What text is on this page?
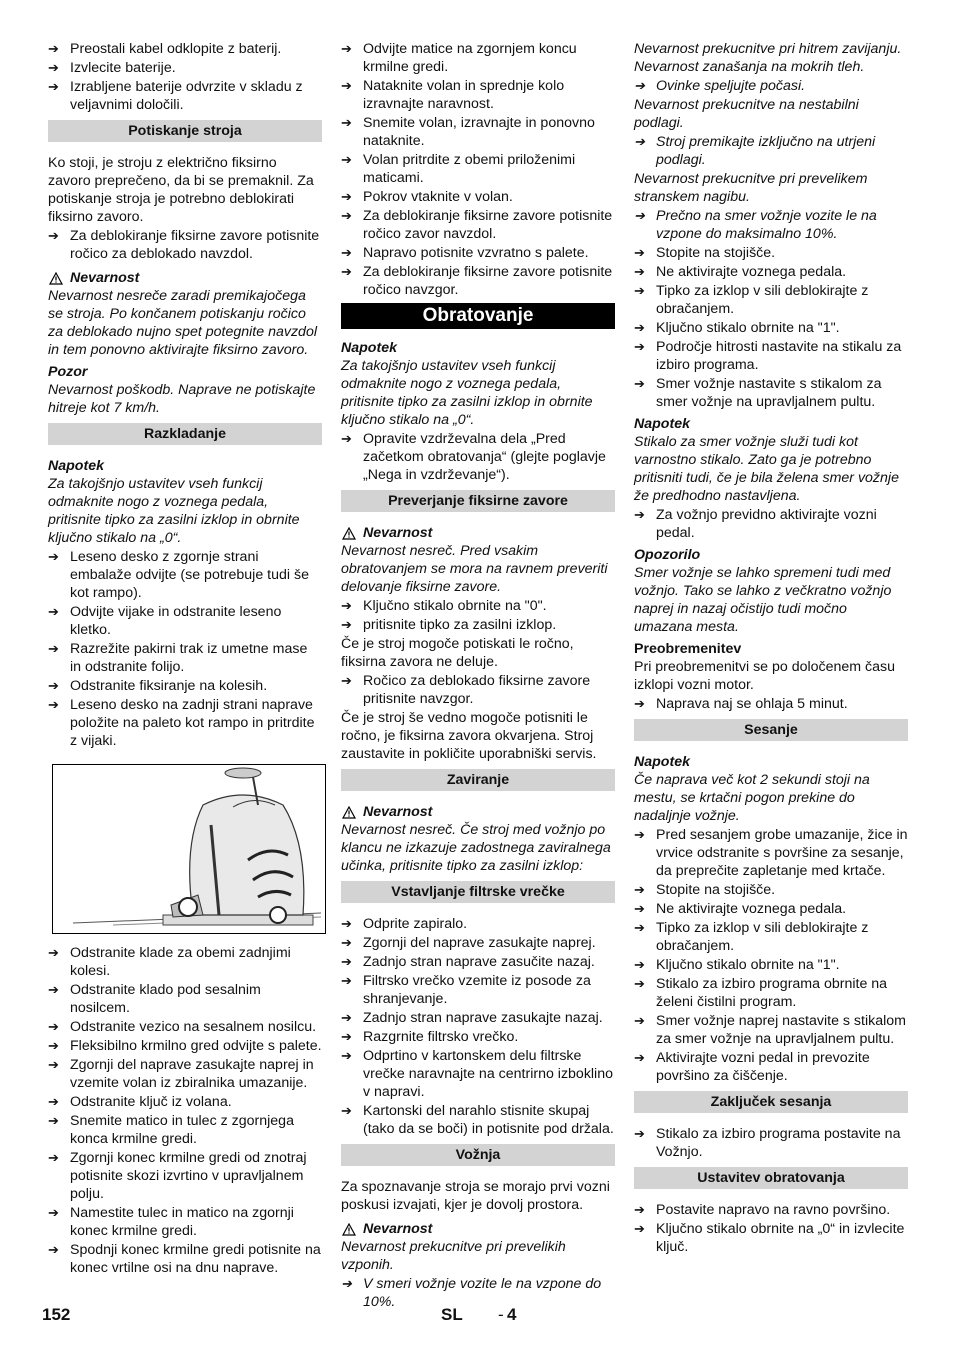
➔ Preostali kabel odklopite z baterij.
➔ Izvlecite baterije.
➔ Izrabljene baterije odvrzite v skladu z veljavnimi določili.
Potiskanje stroja
Ko stoji, je stroju z električno fiksirno zavoro preprečeno, da bi se premaknil. Za potiskanje stroja je potrebno deblokirati fiksirno zavoro.
➔ Za deblokiranje fiksirne zavore potisnite ročico za deblokado navzdol.
Nevarnost
Nevarnost nesreče zaradi premikajočega se stroja. Po končanem potiskanju ročico za deblokado nujno spet potegnite navzdol in tem ponovno aktivirajte fiksirno zavoro.
Pozor
Nevarnost poškodb. Naprave ne potiskajte hitreje kot 7 km/h.
Razkladanje
Napotek
Za takojšnjo ustavitev vseh funkcij odmaknite nogo z voznega pedala, pritisnite tipko za zasilni izklop in obrnite ključno stikalo na „0“.
➔ Leseno desko z zgornje strani embalaže odvijte (se potrebuje tudi še kot rampo).
➔ Odvijte vijake in odstranite leseno kletko.
➔ Razrežite pakirni trak iz umetne mase in odstranite folijo.
➔ Odstranite fiksiranje na kolesih.
➔ Leseno desko na zadnji strani naprave položite na paleto kot rampo in pritrdite z vijaki.
➔ Odstranite klade za obemi zadnjimi kolesi.
➔ Odstranite klado pod sesalnim nosilcem.
➔ Odstranite vezico na sesalnem nosilcu.
➔ Fleksibilno krmilno gred odvijte s palete.
➔ Zgornji del naprave zasukajte naprej in vzemite volan iz zbiralnika umazanije.
➔ Odstranite ključ iz volana.
➔ Snemite matico in tulec z zgornjega konca krmilne gredi.
➔ Zgornji konec krmilne gredi od znotraj potisnite skozi izvrtino v upravljalnem polju.
➔ Namestite tulec in matico na zgornji konec krmilne gredi.
➔ Spodnji konec krmilne gredi potisnite na konec vrtilne osi na dnu naprave.
➔ Odvijte matice na zgornjem koncu krmilne gredi.
➔ Nataknite volan in sprednje kolo izravnajte naravnost.
➔ Snemite volan, izravnajte in ponovno nataknite.
➔ Volan pritrdite z obemi priloženimi maticami.
➔ Pokrov vtaknite v volan.
➔ Za deblokiranje fiksirne zavore potisnite ročico zavor navzdol.
➔ Napravo potisnite vzvratno s palete.
➔ Za deblokiranje fiksirne zavore potisnite ročico navzgor.
Obratovanje
Napotek
Za takojšnjo ustavitev vseh funkcij odmaknite nogo z voznega pedala, pritisnite tipko za zasilni izklop in obrnite ključno stikalo na „0“.
➔ Opravite vzdrževalna dela „Pred začetkom obratovanja“ (glejte poglavje „Nega in vzdrževanje“).
Preverjanje fiksirne zavore
Nevarnost
Nevarnost nesreč. Pred vsakim obratovanjem se mora na ravnem preveriti delovanje fiksirne zavore.
➔ Ključno stikalo obrnite na "0".
➔ pritisnite tipko za zasilni izklop.
Če je stroj mogoče potiskati le ročno, fiksirna zavora ne deluje.
➔ Ročico za deblokado fiksirne zavore pritisnite navzgor.
Če je stroj še vedno mogoče potisniti le ročno, je fiksirna zavora okvarjena. Stroj zaustavite in pokličite uporabniški servis.
Zaviranje
Nevarnost
Nevarnost nesreč. Če stroj med vožnjo po klancu ne izkazuje zadostnega zaviralnega učinka, pritisnite tipko za zasilni izklop:
Vstavljanje filtrske vrečke
➔ Odprite zapiralo.
➔ Zgornji del naprave zasukajte naprej.
➔ Zadnjo stran naprave zasučite nazaj.
➔ Filtrsko vrečko vzemite iz posode za shranjevanje.
➔ Zadnjo stran naprave zasukajte nazaj.
➔ Razgrnite filtrsko vrečko.
➔ Odprtino v kartonskem delu filtrske vrečke naravnajte na centrirno izboklino v napravi.
➔ Kartonski del narahlo stisnite skupaj (tako da se boči) in potisnite pod držala.
Vožnja
Za spoznavanje stroja se morajo prvi vozni poskusi izvajati, kjer je dovolj prostora.
Nevarnost
Nevarnost prekucnitve pri prevelikih vzponih.
➔ V smeri vožnje vozite le na vzpone do 10%.
Nevarnost prekucnitve pri hitrem zavijanju.
Nevarnost zanašanja na mokrih tleh.
➔ Ovinke speljujte počasi.
Nevarnost prekucnitve na nestabilni podlagi.
➔ Stroj premikajte izključno na utrjeni podlagi.
Nevarnost prekucnitve pri prevelikem stranskem nagibu.
➔ Prečno na smer vožnje vozite le na vzpone do maksimalno 10%.
➔ Stopite na stojišče.
➔ Ne aktivirajte voznega pedala.
➔ Tipko za izklop v sili deblokirajte z obračanjem.
➔ Ključno stikalo obrnite na "1".
➔ Področje hitrosti nastavite na stikalu za izbiro programa.
➔ Smer vožnje nastavite s stikalom za smer vožnje na upravljalnem pultu.
Napotek
Stikalo za smer vožnje služi tudi kot varnostno stikalo. Zato ga je potrebno pritisniti tudi, če je bila želena smer vožnje že predhodno nastavljena.
➔ Za vožnjo previdno aktivirajte vozni pedal.
Opozorilo
Smer vožnje se lahko spremeni tudi med vožnjo. Tako se lahko z večkratno vožnjo naprej in nazaj očistijo tudi močno umazana mesta.
Preobremenitev
Pri preobremenitvi se po določenem času izklopi vozni motor.
➔ Naprava naj se ohlaja 5 minut.
Sesanje
Napotek
Če naprava več kot 2 sekundi stoji na mestu, se krtačni pogon prekine do nadaljnje vožnje.
➔ Pred sesanjem grobe umazanije, žice in vrvice odstranite s površine za sesanje, da preprečite zapletanje med krtače.
➔ Stopite na stojišče.
➔ Ne aktivirajte voznega pedala.
➔ Tipko za izklop v sili deblokirajte z obračanjem.
➔ Ključno stikalo obrnite na "1".
➔ Stikalo za izbiro programa obrnite na želeni čistilni program.
➔ Smer vožnje naprej nastavite s stikalom za smer vožnje na upravljalnem pultu.
➔ Aktivirajte vozni pedal in prevozite površino za čiščenje.
Zaključek sesanja
➔ Stikalo za izbiro programa postavite na Vožnjo.
Ustavitev obratovanja
➔ Postavite napravo na ravno površino.
➔ Ključno stikalo obrnite na „0“ in izvlecite ključ.
152	SL - 4
